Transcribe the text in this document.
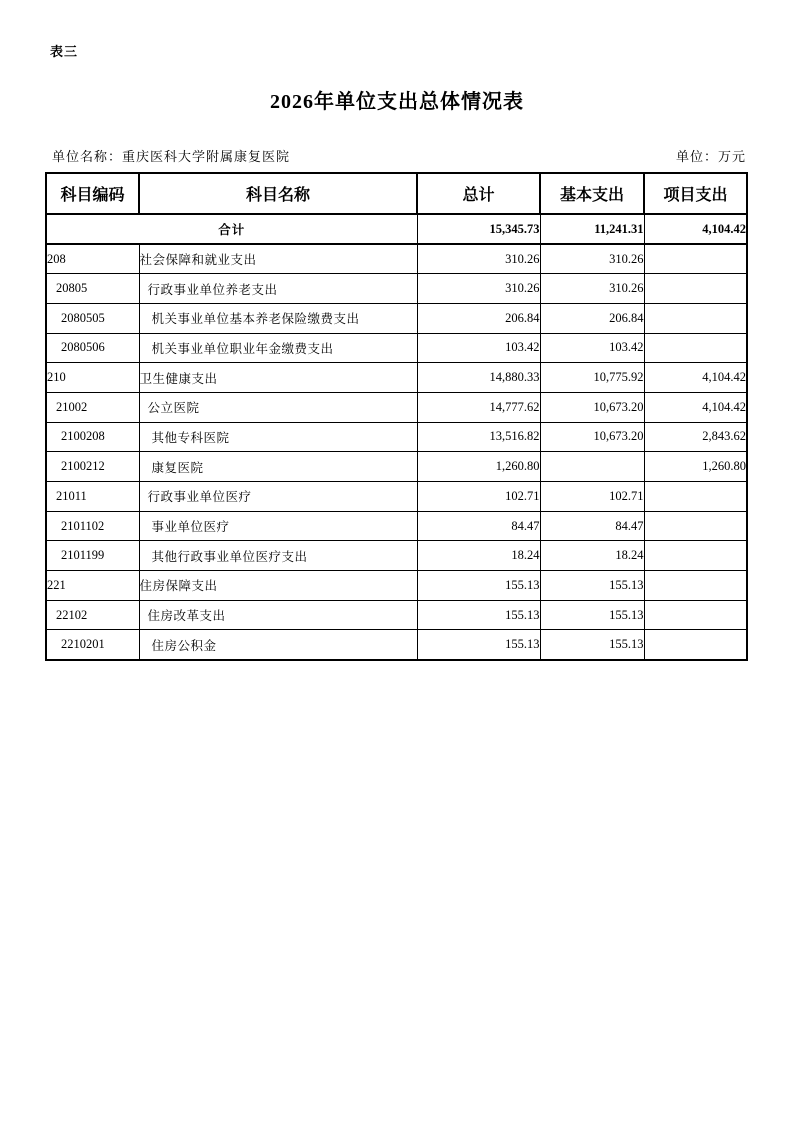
表三
2026年单位支出总体情况表
单位名称：重庆医科大学附属康复医院	单位：万元
科目编码	科目名称	总计	基本支出	项目支出
合计		15,345.73	11,241.31	4,104.42
208	社会保障和就业支出	310.26	310.26	
20805	行政事业单位养老支出	310.26	310.26	
2080505	机关事业单位基本养老保险缴费支出	206.84	206.84	
2080506	机关事业单位职业年金缴费支出	103.42	103.42	
210	卫生健康支出	14,880.33	10,775.92	4,104.42
21002	公立医院	14,777.62	10,673.20	4,104.42
2100208	其他专科医院	13,516.82	10,673.20	2,843.62
2100212	康复医院	1,260.80		1,260.80
21011	行政事业单位医疗	102.71	102.71	
2101102	事业单位医疗	84.47	84.47	
2101199	其他行政事业单位医疗支出	18.24	18.24	
221	住房保障支出	155.13	155.13	
22102	住房改革支出	155.13	155.13	
2210201	住房公积金	155.13	155.13	
